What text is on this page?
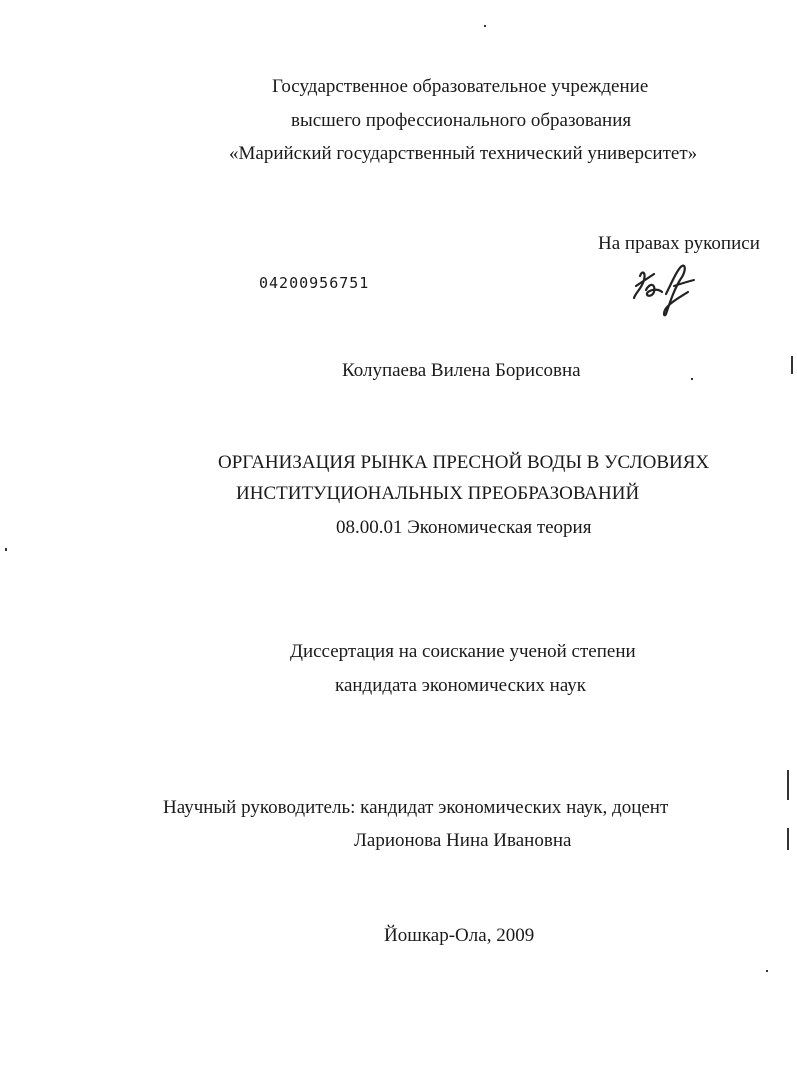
Государственное образовательное учреждение
высшего профессионального образования
«Марийский государственный технический университет»
На правах рукописи
04200956751
Колупаева Вилена Борисовна
ОРГАНИЗАЦИЯ РЫНКА ПРЕСНОЙ ВОДЫ В УСЛОВИЯХ
ИНСТИТУЦИОНАЛЬНЫХ ПРЕОБРАЗОВАНИЙ
08.00.01 Экономическая теория
Диссертация на соискание ученой степени
кандидата экономических наук
Научный руководитель: кандидат экономических наук, доцент
Ларионова Нина Ивановна
Йошкар-Ола, 2009
